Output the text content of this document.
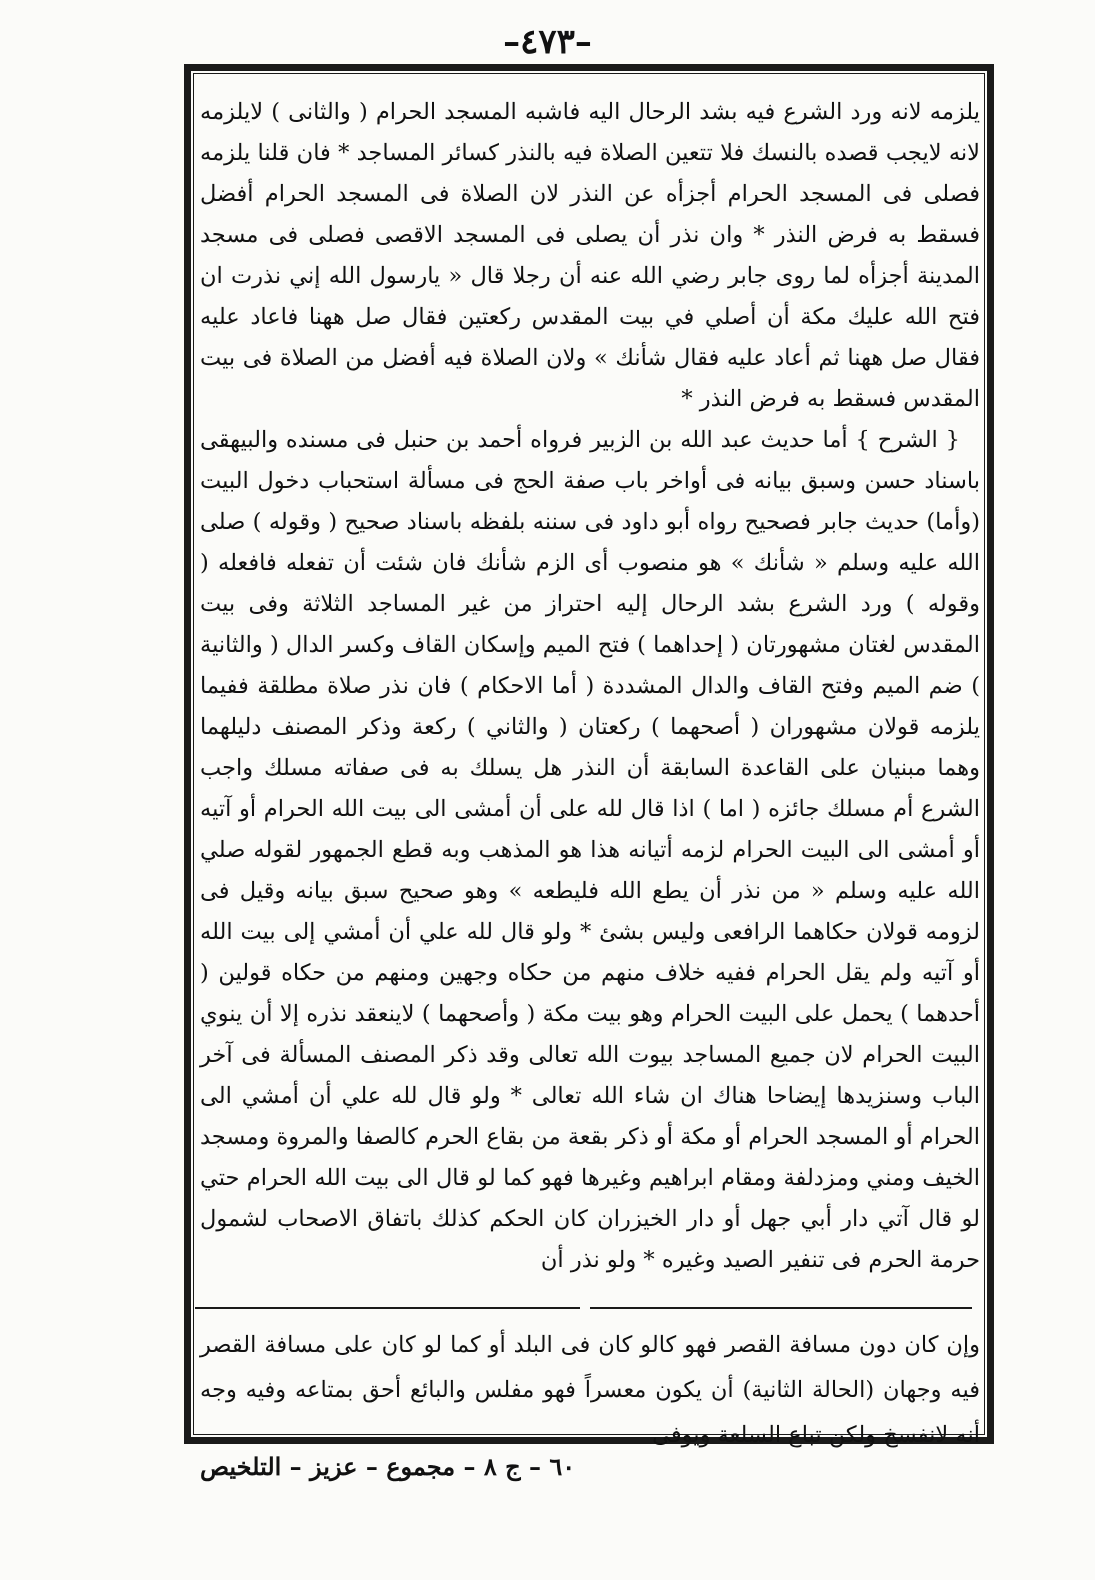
–٤٧٣–

يلزمه لانه ورد الشرع فيه بشد الرحال اليه فاشبه المسجد الحرام ( والثانى ) لايلزمه لانه لايجب قصده بالنسك فلا تتعين الصلاة فيه بالنذر كسائر المساجد * فان قلنا يلزمه فصلى فى المسجد الحرام أجزأه عن النذر لان الصلاة فى المسجد الحرام أفضل فسقط به فرض النذر * وان نذر أن يصلى فى المسجد الاقصى فصلى فى مسجد المدينة أجزأه لما روى جابر رضي الله عنه أن رجلا قال « يارسول الله إني نذرت ان فتح الله عليك مكة أن أصلي في بيت المقدس ركعتين فقال صل ههنا فاعاد عليه فقال صل ههنا ثم أعاد عليه فقال شأنك » ولان الصلاة فيه أفضل من الصلاة فى بيت المقدس فسقط به فرض النذر *

{ الشرح } أما حديث عبد الله بن الزبير فرواه أحمد بن حنبل فى مسنده والبيهقى باسناد حسن وسبق بيانه فى أواخر باب صفة الحج فى مسألة استحباب دخول البيت (وأما) حديث جابر فصحيح رواه أبو داود فى سننه بلفظه باسناد صحيح ( وقوله ) صلى الله عليه وسلم « شأنك » هو منصوب أى الزم شأنك فان شئت أن تفعله فافعله ( وقوله ) ورد الشرع بشد الرحال إليه احتراز من غير المساجد الثلاثة وفى بيت المقدس لغتان مشهورتان ( إحداهما ) فتح الميم وإسكان القاف وكسر الدال ( والثانية ) ضم الميم وفتح القاف والدال المشددة ( أما الاحكام ) فان نذر صلاة مطلقة ففيما يلزمه قولان مشهوران ( أصحهما ) ركعتان ( والثاني ) ركعة وذكر المصنف دليلهما وهما مبنيان على القاعدة السابقة أن النذر هل يسلك به فى صفاته مسلك واجب الشرع أم مسلك جائزه ( اما ) اذا قال لله على أن أمشى الى بيت الله الحرام أو آتيه أو أمشى الى البيت الحرام لزمه أتيانه هذا هو المذهب وبه قطع الجمهور لقوله صلي الله عليه وسلم « من نذر أن يطع الله فليطعه » وهو صحيح سبق بيانه وقيل فى لزومه قولان حكاهما الرافعى وليس بشئ * ولو قال لله علي أن أمشي إلى بيت الله أو آتيه ولم يقل الحرام ففيه خلاف منهم من حكاه وجهين ومنهم من حكاه قولين ( أحدهما ) يحمل على البيت الحرام وهو بيت مكة ( وأصحهما ) لاينعقد نذره إلا أن ينوي البيت الحرام لان جميع المساجد بيوت الله تعالى وقد ذكر المصنف المسألة فى آخر الباب وسنزيدها إيضاحا هناك ان شاء الله تعالى * ولو قال لله علي أن أمشي الى الحرام أو المسجد الحرام أو مكة أو ذكر بقعة من بقاع الحرم كالصفا والمروة ومسجد الخيف ومني ومزدلفة ومقام ابراهيم وغيرها فهو كما لو قال الى بيت الله الحرام حتي لو قال آتي دار أبي جهل أو دار الخيزران كان الحكم كذلك باتفاق الاصحاب لشمول حرمة الحرم فى تنفير الصيد وغيره * ولو نذر أن

وإن كان دون مسافة القصر فهو كالو كان فى البلد أو كما لو كان على مسافة القصر فيه وجهان (الحالة الثانية) أن يكون معسراً فهو مفلس والبائع أحق بمتاعه وفيه وجه أنه لانفسخ ولكن تباع السلعة ويوفى
٦٠ – ج ٨ – مجموع – عزيز – التلخيص
